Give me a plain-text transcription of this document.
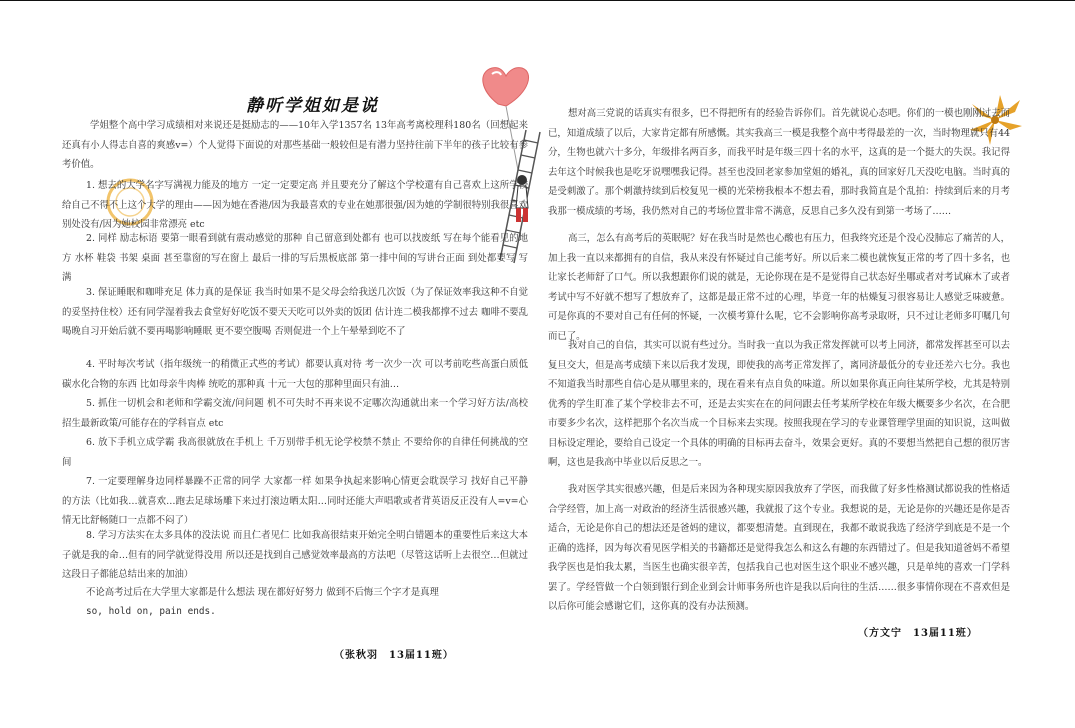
静听学姐如是说

学姐整个高中学习成绩相对来说还是挺励志的——10年入学1357名 13年高考离校理科180名（回想起来还真有小人得志自喜的爽感v=）个人觉得下面说的对那些基础一般较但是有潜力坚持往前下半年的孩子比较有参考价值。

1. 想去的大学名字写满视力能及的地方 一定一定要定高 并且要充分了解这个学校還有自己喜欢上这所学校给自己不得不上这个大学的理由——因为她在香港/因为我最喜欢的专业在她那很强/因为她的学制很特别我很喜欢别处没有/因为她校园非常漂亮 etc

2. 同样 励志标语 要第一眼看到就有震动感觉的那种 自己留意到处都有 也可以找废纸 写在每个能看见的地方 水杯 鞋袋 书架 桌面 甚至靠窗的写在窗上 最后一排的写后黑板底部 第一排中间的写讲台正面 到处都要写 写满

3. 保证睡眠和咖啡充足 体力真的是保证 我当时如果不是父母会给我送几次饭（为了保证效率我这种不自觉的妥坚持住校）还有同学湿着我去食堂好好吃饭不要天天吃可以外卖的饭团 估计连二模我都撑不过去 咖啡不要乱喝晚自习开始后就不要再喝影响睡眠 更不要空腹喝 否则促进一个上午晕晕到吃不了

4. 平时每次考试（指年级统一的稍微正式些的考试）都要认真对待 考一次少一次 可以考前吃些高蛋白质低碳水化合物的东西 比如母亲牛肉棒 统吃的那种真 十元一大包的那种里面只有油…

5. 抓住一切机会和老师和学霸交流/问问题 机不可失时不再来说不定哪次沟通就出来一个学习好方法/高校招生最新政策/可能存在的学科盲点 etc

6. 放下手机立成学霸 我高很就放在手机上 千万别带手机无论学校禁不禁止 不要给你的自律任何挑战的空间

7. 一定要理解身边同样暴躁不正常的同学 大家都一样 如果争执起来影响心情更会耽误学习 找好自己平静的方法（比如我…就喜欢…跑去足球场雕下来过打滚边晒太阳…同时还能大声唱歌或者背英语反正没有人=v=心情无比舒畅随口一点都不闷了）

8. 学习方法实在太多具体的没法说 而且仁者见仁 比如我高很结束开始完全明白错题本的重要性后来这大本子就是我的命…但有的同学就觉得没用 所以还是找到自己感觉效率最高的方法吧（尽管这话听上去很空…但就过这段日子都能总结出来的加油）

不论高考过后在大学里大家都是什么想法 现在都好好努力 做到不后悔三个字才是真理

so, hold on, pain ends.

（张秋羽　13届11班）

想对高三党说的话真实有很多，巴不得把所有的经验告诉你们。首先就说心态吧。你们的一模也刚刚过去而已，知道成绩了以后，大家肯定都有所感慨。其实我高三一模是我整个高中考得最差的一次，当时物理就只有44分，生物也就六十多分，年级排名两百多，而我平时是年级三四十名的水平，这真的是一个挺大的失误。我记得去年这个时候我也是吃牙说嘿嘿我记得。甚至也没回老家参加堂姐的婚礼，真的回家好几天没吃电脑。当时真的是受刺激了。那个刺激持续到后校复见一模的光荣榜我根本不想去看，那时我简直是个乱拍：持续到后来的月考我那一模成绩的考场，我仍然对自己的考场位置非常不满意，反思自己多久没有到第一考场了……

高三，怎么有高考后的英眠呢？好在我当时是然也心酸也有压力，但我终究还是个没心没肺忘了痛苦的人，加上我一直以来都拥有的自信，我从来没有怀疑过自己能考好。所以后来二模也就恢复正常的考了四十多名，也让家长老师舒了口气。所以我想跟你们说的就是，无论你现在是不是觉得自己状态好坐哪或者对考试麻木了或者考试中写不好就不想写了想放弃了，这都是最正常不过的心理，毕竟一年的枯燥复习很容易让人感觉乏味疲惫。可是你真的不要对自己有任何的怀疑，一次模考算什么呢，它不会影响你高考录取呀，只不过让老师多叮嘱几句而已了。

我对自己的自信，其实可以说有些过分。当时我一直以为我正常发挥就可以考上同济，都常发挥甚至可以去复旦交大，但是高考成绩下来以后我才发现，即使我的高考正常发挥了，离同济最低分的专业还差六七分。我也不知道我当时那些自信心是从哪里来的，现在看来有点自负的味道。所以如果你真正向往某所学校，尤其是特别优秀的学生盯准了某个学校非去不可，还是去实实在在的问问跟去任考某所学校在年级大概要多少名次，在合肥市要多少名次，这样把那个名次当成一个目标来去实现。按照我现在学习的专业课管理学里面的知识说，这叫做目标设定理论，要给自己设定一个具体的明确的目标再去奋斗，效果会更好。真的不要想当然把自己想的很厉害啊，这也是我高中毕业以后反思之一。

我对医学其实很感兴趣，但是后来因为各种现实原因我放弃了学医，而我做了好多性格测试都说我的性格适合学经管，加上高一对政治的经济生活很感兴趣，我就报了这个专业。我想说的是，无论是你的兴趣还是你是否适合，无论是你自己的想法还是爸妈的建议，都要想清楚。直到现在，我都不敢说我选了经济学到底是不是一个正确的选择，因为每次看见医学相关的书籍都还是觉得我怎么和这么有趣的东西错过了。但是我知道爸妈不希望我学医也是怕我太累，当医生也确实很辛苦，包括我自己也对医生这个职业不感兴趣，只是单纯的喜欢一门学科罢了。学经管做一个白领到银行到企业到会计师事务所也许是我以后向往的生活……很多事情你现在不喜欢但是以后你可能会感谢它们，这你真的没有办法预测。

（方文宁　13届11班）
